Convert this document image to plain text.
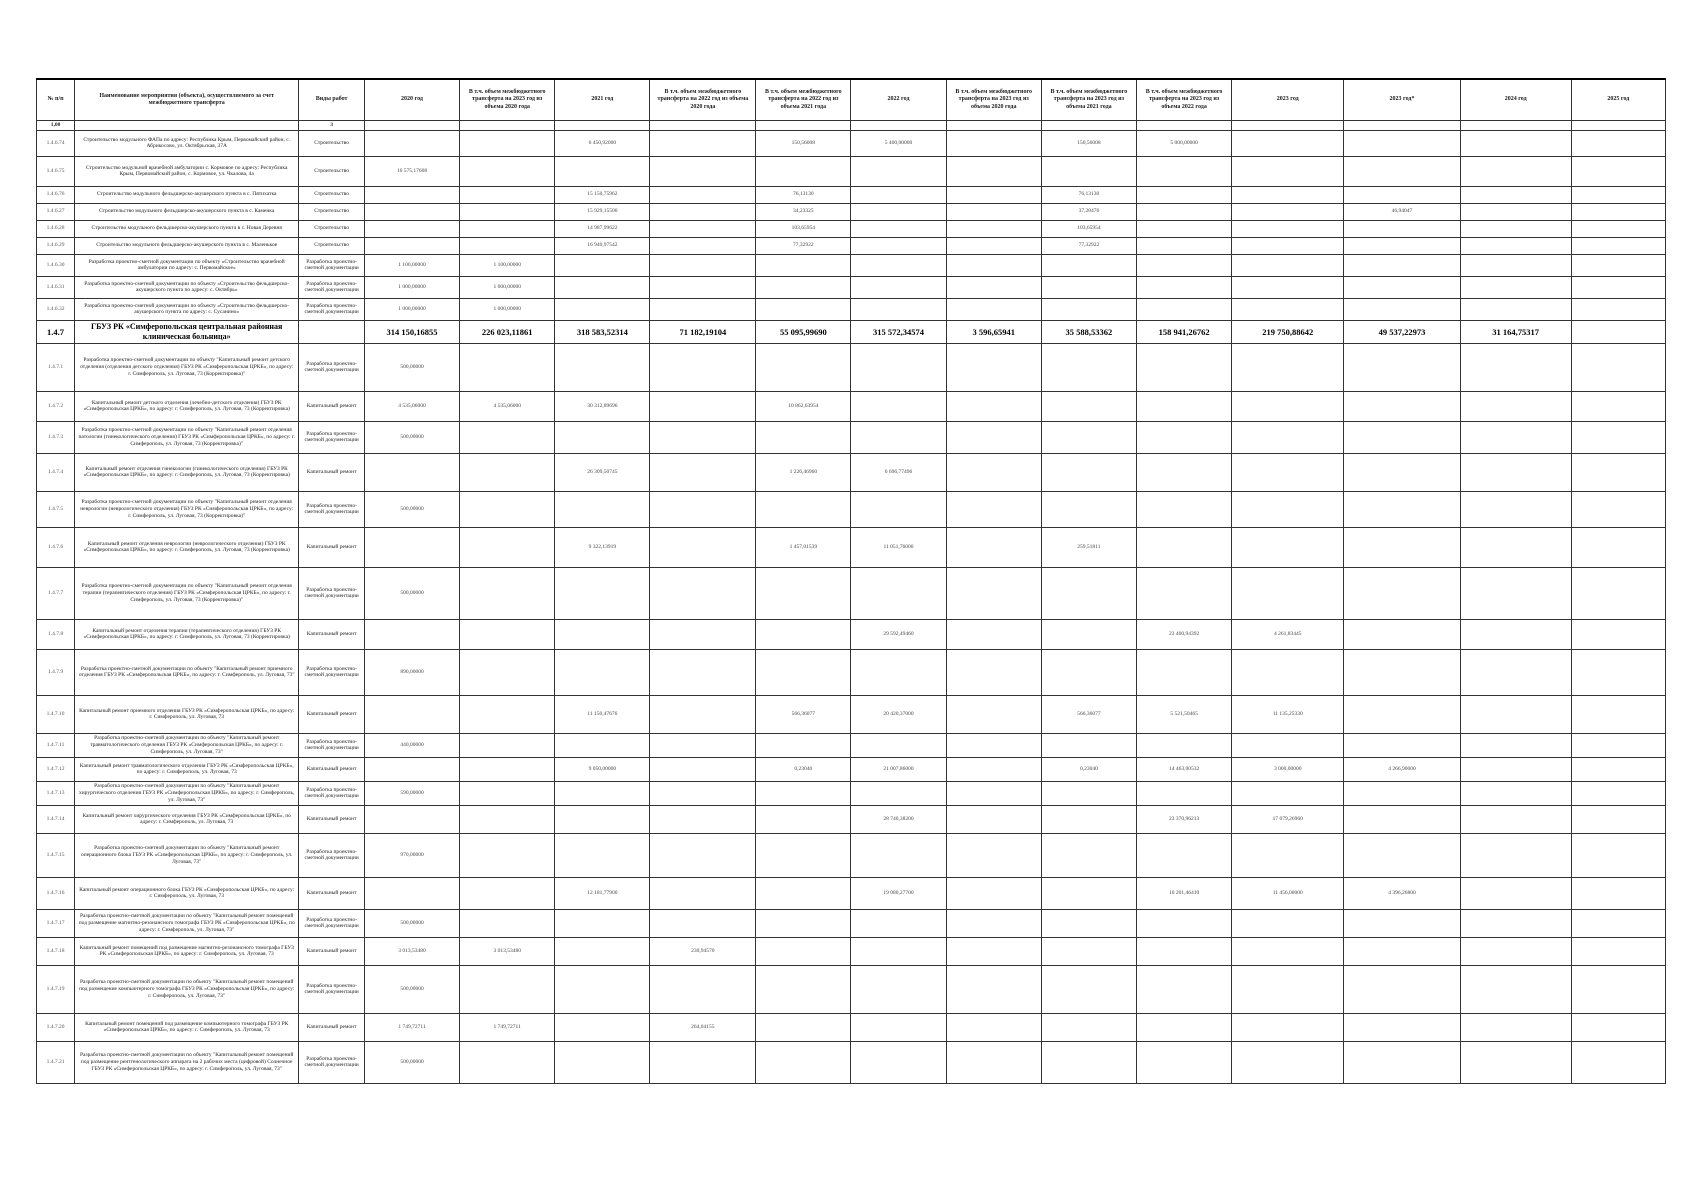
№ п/п	Наименование мероприятия (объекта), осуществляемого за счет межбюджетного трансферта	Виды работ	2020 год	В т.ч. объем межбюджетного трансферта на 2023 год из объема 2020 года	2021 год	В т.ч. объем межбюджетного трансферта на 2022 год из объема 2020 года	В т.ч. объем межбюджетного трансферта на 2022 год из объема 2021 года	2022 год	В т.ч. объем межбюджетного трансферта на 2023 год из объема 2020 года	В т.ч. объем межбюджетного трансферта на 2023 год из объема 2021 года	В т.ч. объем межбюджетного трансферта на 2023 год из объема 2022 года	2023 год	2023 год*	2024 год	2025 год
1,00		3													
1.4.6.74	Строительство модульного ФАПа по адресу: Республика Крым, Первомайский район, с. Абрикосово, ул. Октябрьская, 37А	Строительство			6 450,92000		150,56008	5 400,00000		150,56008	5 000,00000				
1.4.6.75	Строительство модульной врачебной амбулатории с. Кормовое по адресу: Республика Крым, Первомайский район, с. Кормовое, ул. Чкалова, 4а	Строительство	16 575,17608												
1.4.6.76	Строительство модульного фельдшерско-акушерского пункта в с. Пятихатка	Строительство			15 150,75962		76,13130			76,13130					
1.4.6.27	Строительство модульного фельдшерско-акушерского пункта в с. Каменка	Строительство			15 929,15500		34,23325			37,20476			46,94047		
1.4.6.28	Строительство модульного фельдшерско-акушерского пункта в с. Новая Деревня	Строительство			14 987,99622		103,65954			103,65954					
1.4.6.29	Строительство модульного фельдшерско-акушерского пункта в с. Маленькое	Строительство			16 940,97542		77,32922			77,32922					
1.4.6.30	Разработка проектно-сметной документации по объекту «Строительство врачебной амбулатории по адресу: с. Первомайское»	Разработка проектно-сметной документации	1 100,00000	1 100,00000											
1.4.6.31	Разработка проектно-сметной документации по объекту «Строительство фельдшерско-акушерского пункта по адресу: с. Октябрь»	Разработка проектно-сметной документации	1 000,00000	1 000,00000											
1.4.6.32	Разработка проектно-сметной документации по объекту «Строительство фельдшерско-акушерского пункта по адресу: с. Сусанино»	Разработка проектно-сметной документации	1 000,00000	1 000,00000											
1.4.7	ГБУЗ РК «Симферопольская центральная районная клиническая больница»		314 150,16855	226 023,11861	318 583,52314	71 182,19104	55 095,99690	315 572,34574	3 596,65941	35 588,53362	158 941,26762	219 750,88642	49 537,22973	31 164,75317	
1.4.7.1	Разработка проектно-сметной документации по объекту "Капитальный ремонт детского отделения (отделения детского отделения) ГБУЗ РК «Симферопольская ЦРКБ», по адресу: г. Симферополь, ул. Луговая, 73 (Корректировка)"	Разработка проектно-сметной документации	500,00000												
1.4.7.2	Капитальный ремонт детского отделения (лечебно-детского отделения) ГБУЗ РК «Симферопольская ЦРКБ», по адресу: г. Симферополь, ул. Луговая, 73 (Корректировка)	Капитальный ремонт	4 535,06000	4 535,06000	30 312,89696		10 862,63954								
1.4.7.3	Разработка проектно-сметной документации по объекту "Капитальный ремонт отделения патологии (гинекологического отделения) ГБУЗ РК «Симферопольская ЦРКБ», по адресу: г. Симферополь, ул. Луговая, 73 (Корректировка)"	Разработка проектно-сметной документации	500,00000												
1.4.7.4	Капитальный ремонт отделения гинекологии (гинекологического отделения) ГБУЗ РК «Симферопольская ЦРКБ», по адресу: г. Симферополь, ул. Луговая, 73 (Корректировка)	Капитальный ремонт			26 309,50745		1 226,46960	6 696,77496							
1.4.7.5	Разработка проектно-сметной документации по объекту "Капитальный ремонт отделения неврологии (неврологического отделения) ГБУЗ РК «Симферопольская ЦРКБ», по адресу: г. Симферополь, ул. Луговая, 73 (Корректировка)"	Разработка проектно-сметной документации	500,00000												
1.4.7.6	Капитальный ремонт отделения неврологии (неврологического отделения) ГБУЗ РК «Симферопольская ЦРКБ», по адресу: г. Симферополь, ул. Луговая, 73 (Корректировка)	Капитальный ремонт			9 322,13919		1 457,01539	11 051,76000		259,51811					
1.4.7.7	Разработка проектно-сметной документации по объекту "Капитальный ремонт отделения терапии (терапевтического отделения) ГБУЗ РК «Симферопольская ЦРКБ», по адресу: г. Симферополь, ул. Луговая, 73 (Корректировка)"	Разработка проектно-сметной документации	500,00000												
1.4.7.8	Капитальный ремонт отделения терапии (терапевтического отделения) ГБУЗ РК «Симферопольская ЦРКБ», по адресу: г. Симферополь, ул. Луговая, 73 (Корректировка)	Капитальный ремонт						29 592,49460			23 400,94392	4 261,83445			
1.4.7.9	Разработка проектно-сметной документации по объекту "Капитальный ремонт приемного отделения ГБУЗ РК «Симферопольская ЦРКБ», по адресу: г. Симферополь, ул. Луговая, 73"	Разработка проектно-сметной документации	890,00000												
1.4.7.10	Капитальный ремонт приемного отделения ГБУЗ РК «Симферопольская ЦРКБ», по адресу: г. Симферополь, ул. Луговая, 73	Капитальный ремонт			11 150,47676		566,36077	20 420,37000		566,36077	5 521,50465	11 135,25330			
1.4.7.11	Разработка проектно-сметной документации по объекту "Капитальный ремонт травматологического отделения ГБУЗ РК «Симферопольская ЦРКБ», по адресу: г. Симферополь, ул. Луговая, 73"	Разработка проектно-сметной документации	440,00000												
1.4.7.12	Капитальный ремонт травматологического отделения ГБУЗ РК «Симферопольская ЦРКБ», по адресу: г. Симферополь, ул. Луговая, 73	Капитальный ремонт			9 050,00000		0,23040	21 007,86000		0,23040	14 463,00532	3 000,00000	4 266,90000		
1.4.7.13	Разработка проектно-сметной документации по объекту "Капитальный ремонт хирургического отделения ГБУЗ РК «Симферопольская ЦРКБ», по адресу: г. Симферополь, ул. Луговая, 73"	Разработка проектно-сметной документации	590,00000												
1.4.7.14	Капитальный ремонт хирургического отделения ГБУЗ РК «Симферопольская ЦРКБ», по адресу: г. Симферополь, ул. Луговая, 73	Капитальный ремонт						28 740,38200			23 370,96213	17 079,26960			
1.4.7.15	Разработка проектно-сметной документации по объекту "Капитальный ремонт операционного блока ГБУЗ РК «Симферопольская ЦРКБ», по адресу: г. Симферополь, ул. Луговая, 73"	Разработка проектно-сметной документации	970,00000												
1.4.7.16	Капитальный ремонт операционного блока ГБУЗ РК «Симферопольская ЦРКБ», по адресу: г. Симферополь, ул. Луговая, 73	Капитальный ремонт			12 181,77900			19 080,27700			10 201,46410	11 456,00000	4 396,26800		
1.4.7.17	Разработка проектно-сметной документации по объекту "Капитальный ремонт помещений под размещение магнитно-резонансного томографа ГБУЗ РК «Симферопольская ЦРКБ», по адресу: г. Симферополь, ул. Луговая, 73"	Разработка проектно-сметной документации	500,00000												
1.4.7.18	Капитальный ремонт помещений под размещение магнитно-резонансного томографа ГБУЗ РК «Симферопольская ЦРКБ», по адресу: г. Симферополь, ул. Луговая, 73	Капитальный ремонт	3 013,53480	3 013,53480		230,94570									
1.4.7.19	Разработка проектно-сметной документации по объекту "Капитальный ремонт помещений под размещение компьютерного томографа ГБУЗ РК «Симферопольская ЦРКБ», по адресу: г. Симферополь, ул. Луговая, 73"	Разработка проектно-сметной документации	500,00000												
1.4.7.20	Капитальный ремонт помещений под размещение компьютерного томографа ГБУЗ РК «Симферопольская ЦРКБ», по адресу: г. Симферополь, ул. Луговая, 73	Капитальный ремонт	1 749,72711	1 749,72711		264,04155									
1.4.7.21	Разработка проектно-сметной документации по объекту "Капитальный ремонт помещений под размещение рентгенологического аппарата на 2 рабочих места (цифровой) Солнечное ГБУЗ РК «Симферопольская ЦРКБ», по адресу: г. Симферополь, ул. Луговая, 73"	Разработка проектно-сметной документации	500,00000												
